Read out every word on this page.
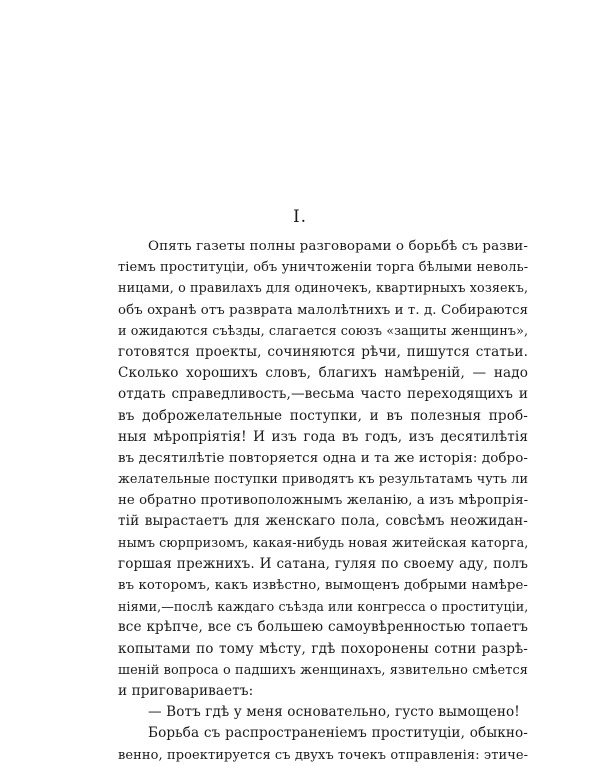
I.
Опять газеты полны разговорами о борьбѣ съ разви-
тіемъ проституціи, объ уничтоженіи торга бѣлыми неволь-
ницами, о правилахъ для одиночекъ, квартирныхъ хозяекъ,
объ охранѣ отъ разврата малолѣтнихъ и т. д. Собираются
и ожидаются съѣзды, слагается союзъ «защиты женщинъ»,
готовятся проекты, сочиняются рѣчи, пишутся статьи.
Сколько хорошихъ словъ, благихъ намѣреній, — надо
отдать справедливость,—весьма часто переходящихъ и
въ доброжелательные поступки, и въ полезныя проб-
ныя мѣропріятія! И изъ года въ годъ, изъ десятилѣтія
въ десятилѣтіе повторяется одна и та же исторія: добро-
желательные поступки приводятъ къ результатамъ чуть ли
не обратно противоположнымъ желанію, а изъ мѣропрія-
тій вырастаетъ для женскаго пола, совсѣмъ неожидан-
нымъ сюрпризомъ, какая-нибудь новая житейская каторга,
горшая прежнихъ. И сатана, гуляя по своему аду, полъ
въ которомъ, какъ извѣстно, вымощенъ добрыми намѣре-
ніями,—послѣ каждаго съѣзда или конгресса о проституціи,
все крѣпче, все съ большею самоувѣренностью топаетъ
копытами по тому мѣсту, гдѣ похоронены сотни разрѣ-
шеній вопроса о падшихъ женщинахъ, язвительно смѣется
и приговариваетъ:
— Вотъ гдѣ у меня основательно, густо вымощено!
Борьба съ распространеніемъ проституціи, обыкно-
венно, проектируется съ двухъ точекъ отправленія: этиче-
